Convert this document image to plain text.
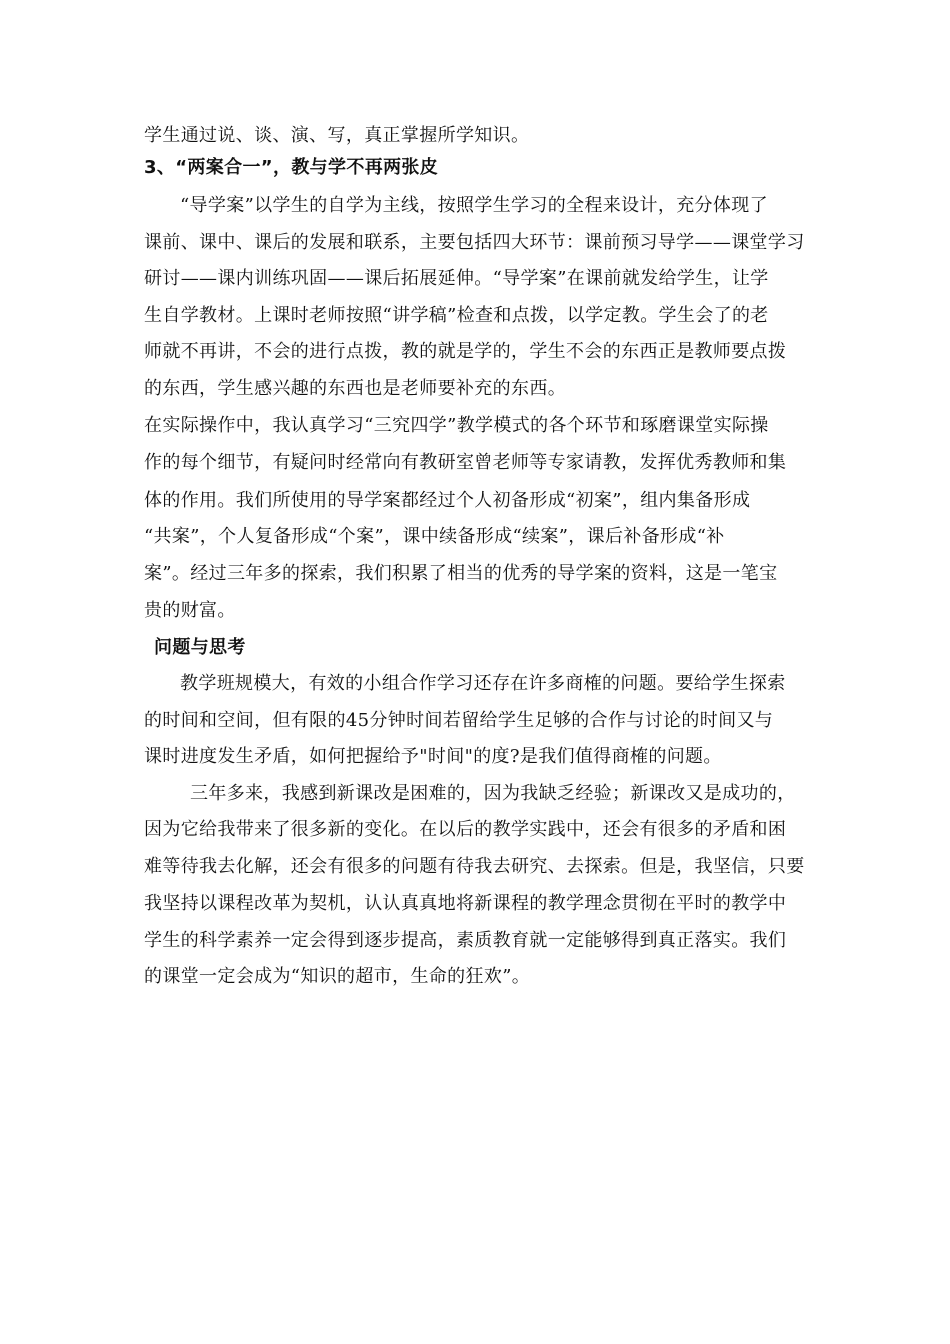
学生通过说、谈、演、写，真正掌握所学知识。
3、“两案合一”，教与学不再两张皮
“导学案”以学生的自学为主线，按照学生学习的全程来设计，充分体现了
课前、课中、课后的发展和联系，主要包括四大环节：课前预习导学——课堂学习
研讨——课内训练巩固——课后拓展延伸。“导学案”在课前就发给学生，让学
生自学教材。上课时老师按照“讲学稿”检查和点拨，以学定教。学生会了的老
师就不再讲，不会的进行点拨，教的就是学的，学生不会的东西正是教师要点拨
的东西，学生感兴趣的东西也是老师要补充的东西。
在实际操作中，我认真学习“三究四学”教学模式的各个环节和琢磨课堂实际操
作的每个细节，有疑问时经常向有教研室曾老师等专家请教，发挥优秀教师和集
体的作用。我们所使用的导学案都经过个人初备形成“初案”，组内集备形成
“共案”，个人复备形成“个案”，课中续备形成“续案”，课后补备形成“补
案”。经过三年多的探索，我们积累了相当的优秀的导学案的资料，这是一笔宝
贵的财富。
问题与思考
教学班规模大，有效的小组合作学习还存在许多商榷的问题。要给学生探索
的时间和空间，但有限的45分钟时间若留给学生足够的合作与讨论的时间又与
课时进度发生矛盾，如何把握给予"时间"的度?是我们值得商榷的问题。
三年多来，我感到新课改是困难的，因为我缺乏经验；新课改又是成功的，
因为它给我带来了很多新的变化。在以后的教学实践中，还会有很多的矛盾和困
难等待我去化解，还会有很多的问题有待我去研究、去探索。但是，我坚信，只要
我坚持以课程改革为契机，认认真真地将新课程的教学理念贯彻在平时的教学中
学生的科学素养一定会得到逐步提高，素质教育就一定能够得到真正落实。我们
的课堂一定会成为“知识的超市，生命的狂欢”。
